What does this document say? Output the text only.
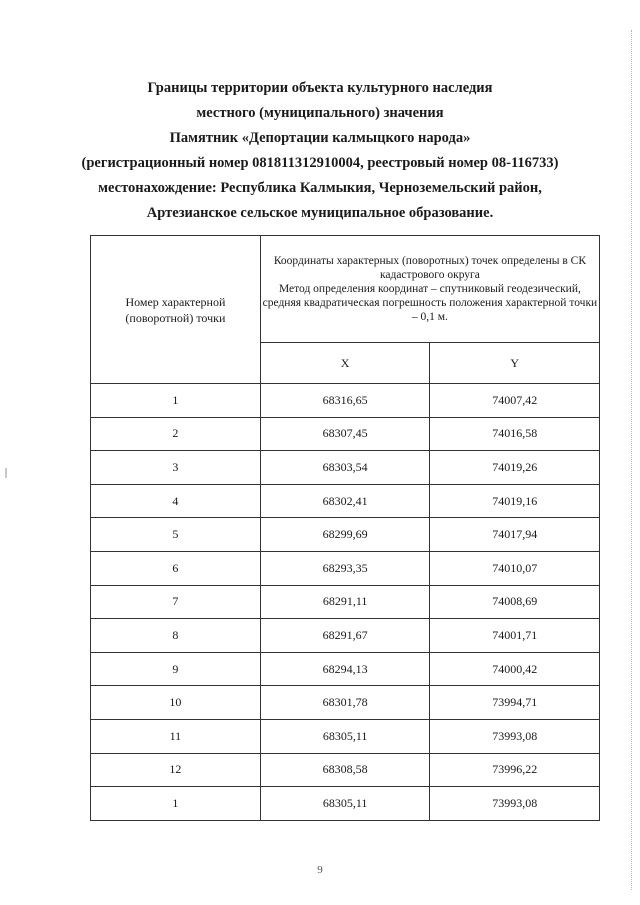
Границы территории объекта культурного наследия
местного (муниципального) значения
Памятник «Депортации калмыцкого народа»
(регистрационный номер 081811312910004, реестровый номер 08-116733)
местонахождение: Республика Калмыкия, Черноземельский район,
Артезианское сельское муниципальное образование.
Номер характерной (поворотной) точки	Координаты характерных (поворотных) точек определены в СК кадастрового округа
Метод определения координат – спутниковый геодезический, средняя квадратическая погрешность положения характерной точки – 0,1 м.	

	X	Y
1	68316,65	74007,42
2	68307,45	74016,58
3	68303,54	74019,26
4	68302,41	74019,16
5	68299,69	74017,94
6	68293,35	74010,07
7	68291,11	74008,69
8	68291,67	74001,71
9	68294,13	74000,42
10	68301,78	73994,71
11	68305,11	73993,08
12	68308,58	73996,22
1	68305,11	73993,08
9
